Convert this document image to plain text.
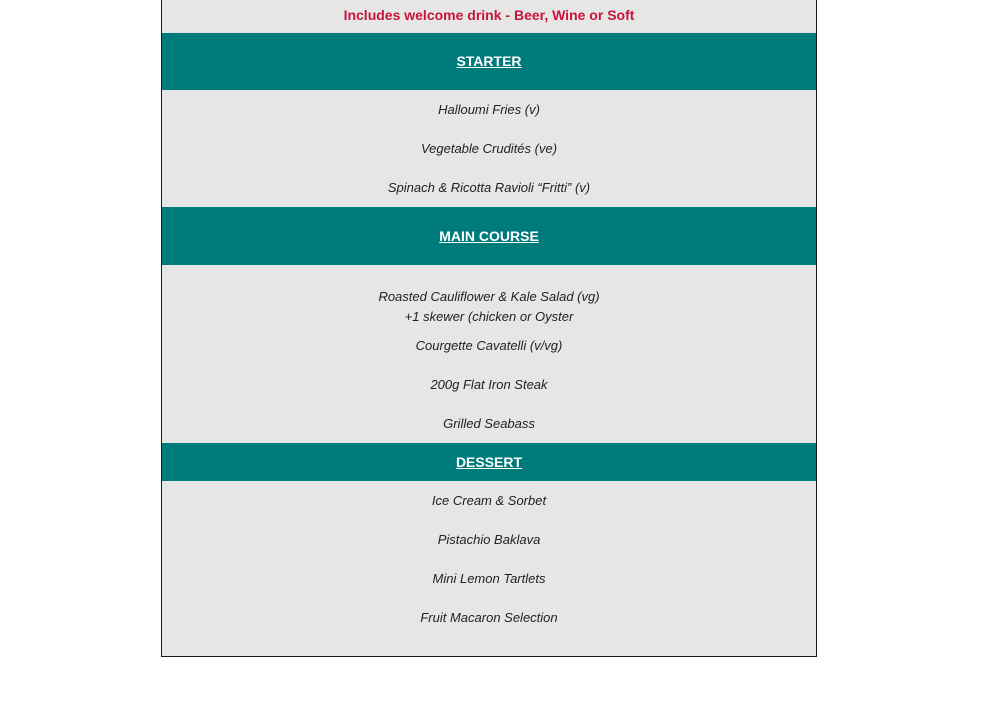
Includes welcome drink - Beer, Wine or Soft
STARTER
Halloumi Fries (v)
Vegetable Crudités (ve)
Spinach & Ricotta Ravioli “Fritti” (v)
MAIN COURSE
Roasted Cauliflower & Kale Salad (vg)
+1 skewer (chicken or Oyster
Courgette Cavatelli (v/vg)
200g Flat Iron Steak
Grilled Seabass
DESSERT
Ice Cream & Sorbet
Pistachio Baklava
Mini Lemon Tartlets
Fruit Macaron Selection
